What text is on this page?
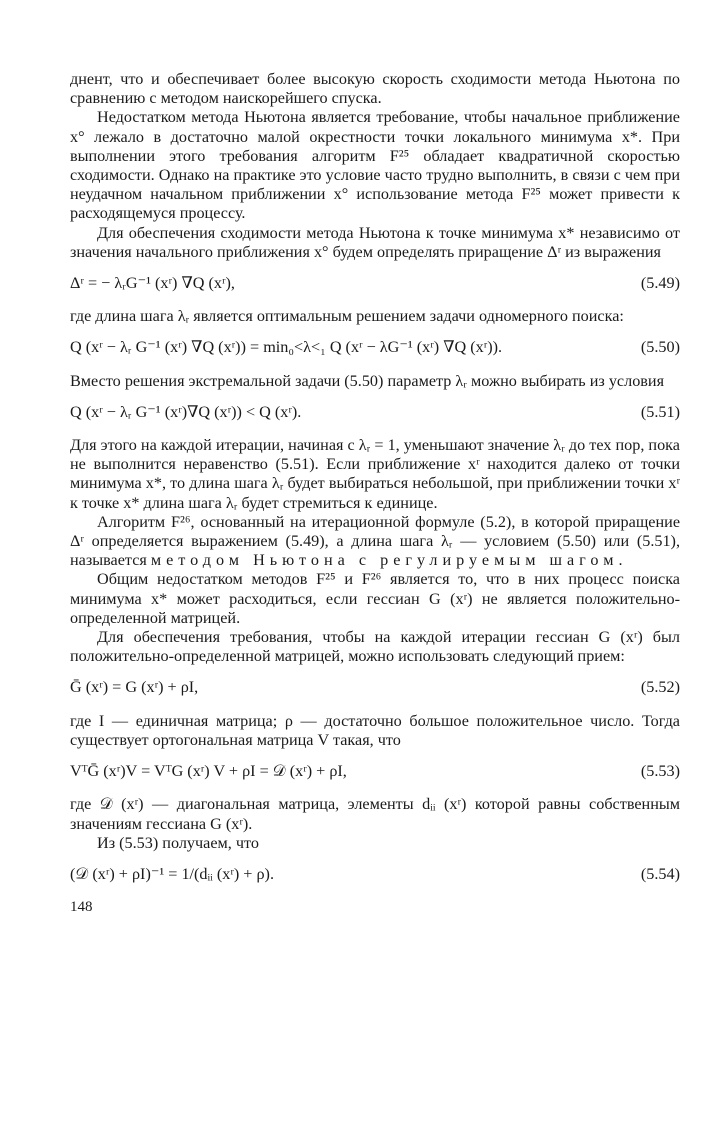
днент, что и обеспечивает более высокую скорость сходимости метода Ньютона по сравнению с методом наискорейшего спуска.

Недостатком метода Ньютона является требование, чтобы начальное приближение x° лежало в достаточно малой окрестности точки локального минимума x*. При выполнении этого требования алгоритм F²⁵ обладает квадратичной скоростью сходимости. Однако на практике это условие часто трудно выполнить, в связи с чем при неудачном начальном приближении x° использование метода F²⁵ может привести к расходящемуся процессу.

Для обеспечения сходимости метода Ньютона к точке минимума x* независимо от значения начального приближения x° будем определять приращение Δʳ из выражения

Δʳ = − λᵣG⁻¹ (xʳ) ∇Q (xʳ),	(5.49)

где длина шага λᵣ является оптимальным решением задачи одномерного поиска:

Q (xʳ − λᵣ G⁻¹ (xʳ) ∇Q (xʳ)) = min₀<λ<₁ Q (xʳ − λG⁻¹ (xʳ) ∇Q (xʳ)).	(5.50)

Вместо решения экстремальной задачи (5.50) параметр λᵣ можно выбирать из условия

Q (xʳ − λᵣ G⁻¹ (xʳ)∇Q (xʳ)) < Q (xʳ).	(5.51)

Для этого на каждой итерации, начиная с λᵣ = 1, уменьшают значение λᵣ до тех пор, пока не выполнится неравенство (5.51). Если приближение xʳ находится далеко от точки минимума x*, то длина шага λᵣ будет выбираться небольшой, при приближении точки xʳ к точке x* длина шага λᵣ будет стремиться к единице.

Алгоритм F²⁶, основанный на итерационной формуле (5.2), в которой приращение Δʳ определяется выражением (5.49), а длина шага λᵣ — условием (5.50) или (5.51), называется методом Ньютона с регулируемым шагом.

Общим недостатком методов F²⁵ и F²⁶ является то, что в них процесс поиска минимума x* может расходиться, если гессиан G (xʳ) не является положительно-определенной матрицей.

Для обеспечения требования, чтобы на каждой итерации гессиан G (xʳ) был положительно-определенной матрицей, можно использовать следующий прием:

Ḡ (xʳ) = G (xʳ) + ρI,	(5.52)

где I — единичная матрица; ρ — достаточно большое положительное число. Тогда существует ортогональная матрица V такая, что

VᵀḠ (xʳ)V = VᵀG (xʳ) V + ρI = 𝒟 (xʳ) + ρI,	(5.53)

где 𝒟 (xʳ) — диагональная матрица, элементы dᵢᵢ (xʳ) которой равны собственным значениям гессиана G (xʳ).

Из (5.53) получаем, что

(𝒟 (xʳ) + ρI)⁻¹ = 1/(dᵢᵢ (xʳ) + ρ).	(5.54)
148
